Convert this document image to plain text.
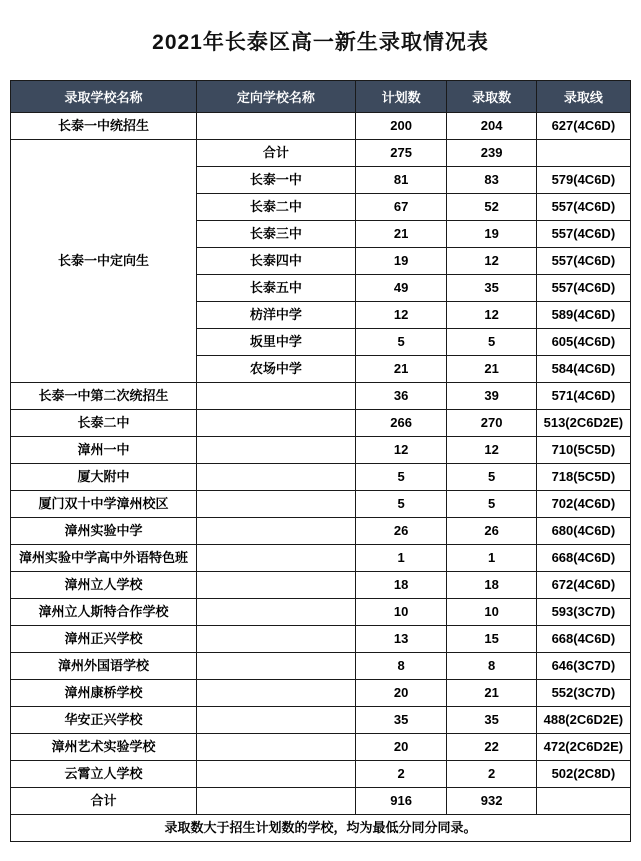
2021年长泰区高一新生录取情况表
录取学校名称	定向学校名称	计划数	录取数	录取线
长泰一中统招生		200	204	627(4C6D)
长泰一中定向生	合计	275	239	
	长泰一中	81	83	579(4C6D)
	长泰二中	67	52	557(4C6D)
	长泰三中	21	19	557(4C6D)
	长泰四中	19	12	557(4C6D)
	长泰五中	49	35	557(4C6D)
	枋洋中学	12	12	589(4C6D)
	坂里中学	5	5	605(4C6D)
	农场中学	21	21	584(4C6D)
长泰一中第二次统招生		36	39	571(4C6D)
长泰二中		266	270	513(2C6D2E)
漳州一中		12	12	710(5C5D)
厦大附中		5	5	718(5C5D)
厦门双十中学漳州校区		5	5	702(4C6D)
漳州实验中学		26	26	680(4C6D)
漳州实验中学高中外语特色班		1	1	668(4C6D)
漳州立人学校		18	18	672(4C6D)
漳州立人斯特合作学校		10	10	593(3C7D)
漳州正兴学校		13	15	668(4C6D)
漳州外国语学校		8	8	646(3C7D)
漳州康桥学校		20	21	552(3C7D)
华安正兴学校		35	35	488(2C6D2E)
漳州艺术实验学校		20	22	472(2C6D2E)
云霄立人学校		2	2	502(2C8D)
合计		916	932	
录取数大于招生计划数的学校，均为最低分同分同录。				
